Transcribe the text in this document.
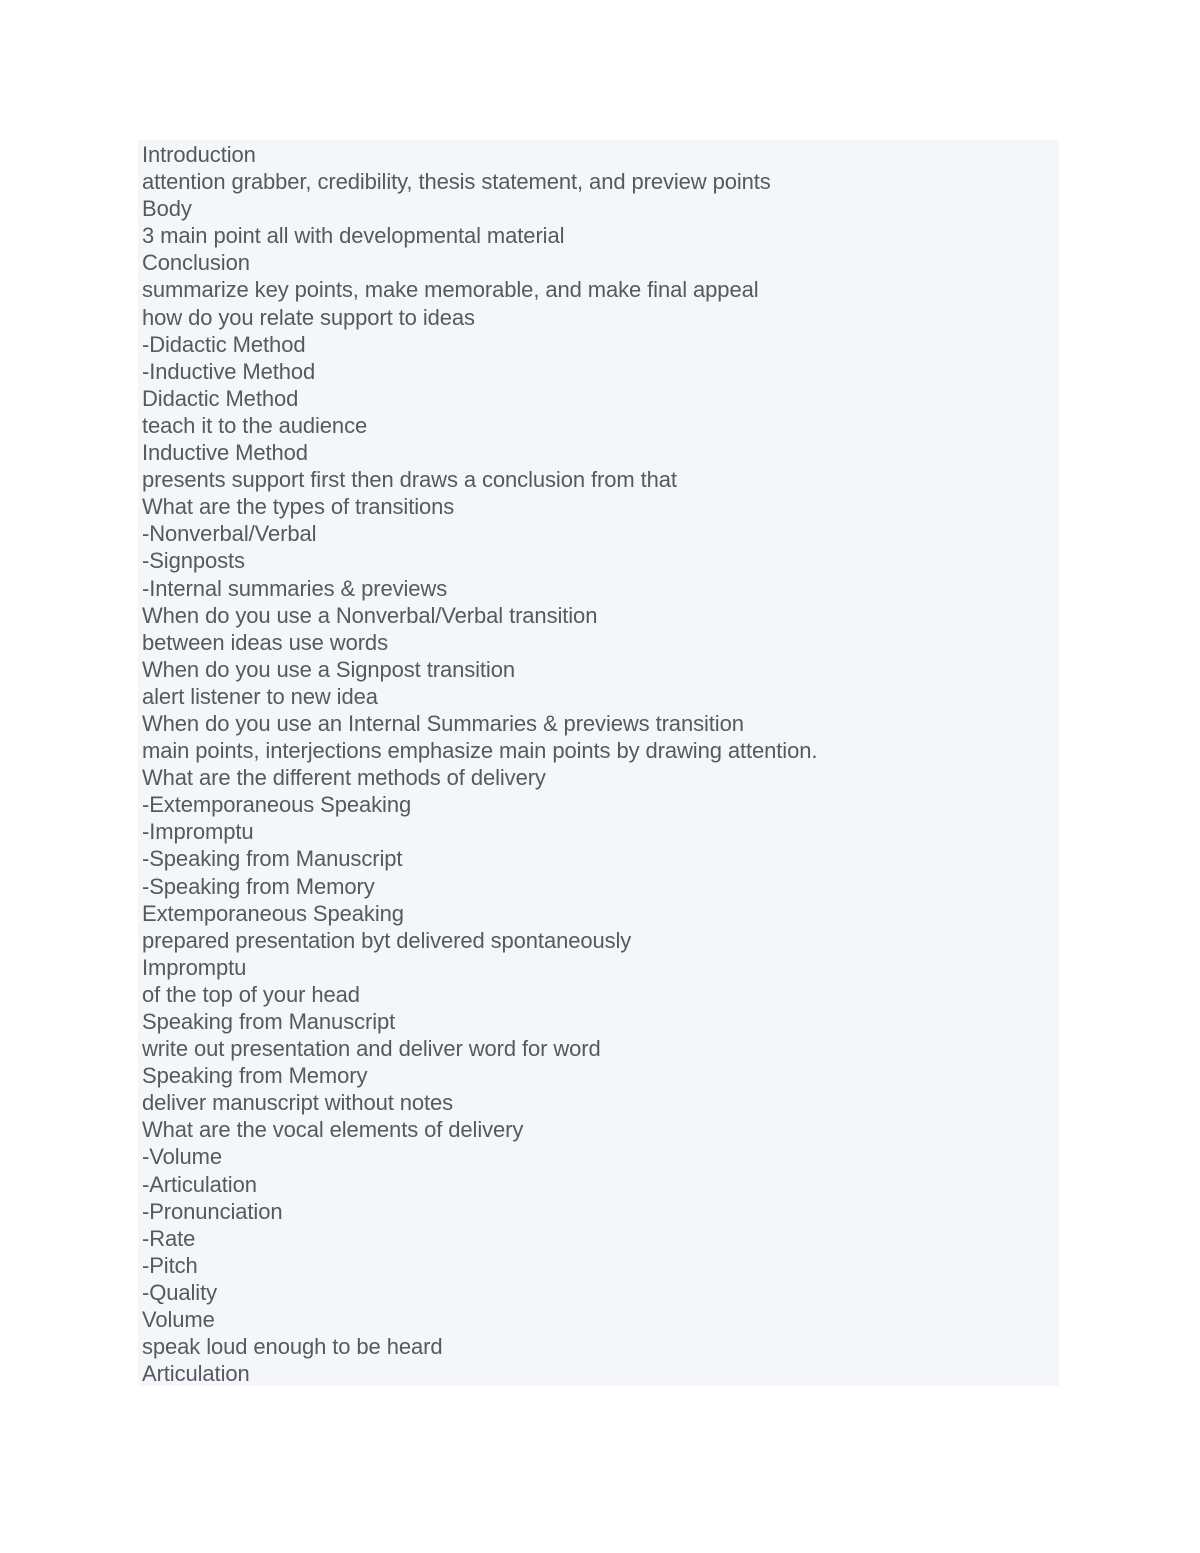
Introduction
attention grabber, credibility, thesis statement, and preview points
Body
3 main point all with developmental material
Conclusion
summarize key points, make memorable, and make final appeal
how do you relate support to ideas
-Didactic Method
-Inductive Method
Didactic Method
teach it to the audience
Inductive Method
presents support first then draws a conclusion from that
What are the types of transitions
-Nonverbal/Verbal
-Signposts
-Internal summaries & previews
When do you use a Nonverbal/Verbal transition
between ideas use words
When do you use a Signpost transition
alert listener to new idea
When do you use an Internal Summaries & previews transition
main points, interjections emphasize main points by drawing attention.
What are the different methods of delivery
-Extemporaneous Speaking
-Impromptu
-Speaking from Manuscript
-Speaking from Memory
Extemporaneous Speaking
prepared presentation byt delivered spontaneously
Impromptu
of the top of your head
Speaking from Manuscript
write out presentation and deliver word for word
Speaking from Memory
deliver manuscript without notes
What are the vocal elements of delivery
-Volume
-Articulation
-Pronunciation
-Rate
-Pitch
-Quality
Volume
speak loud enough to be heard
Articulation
